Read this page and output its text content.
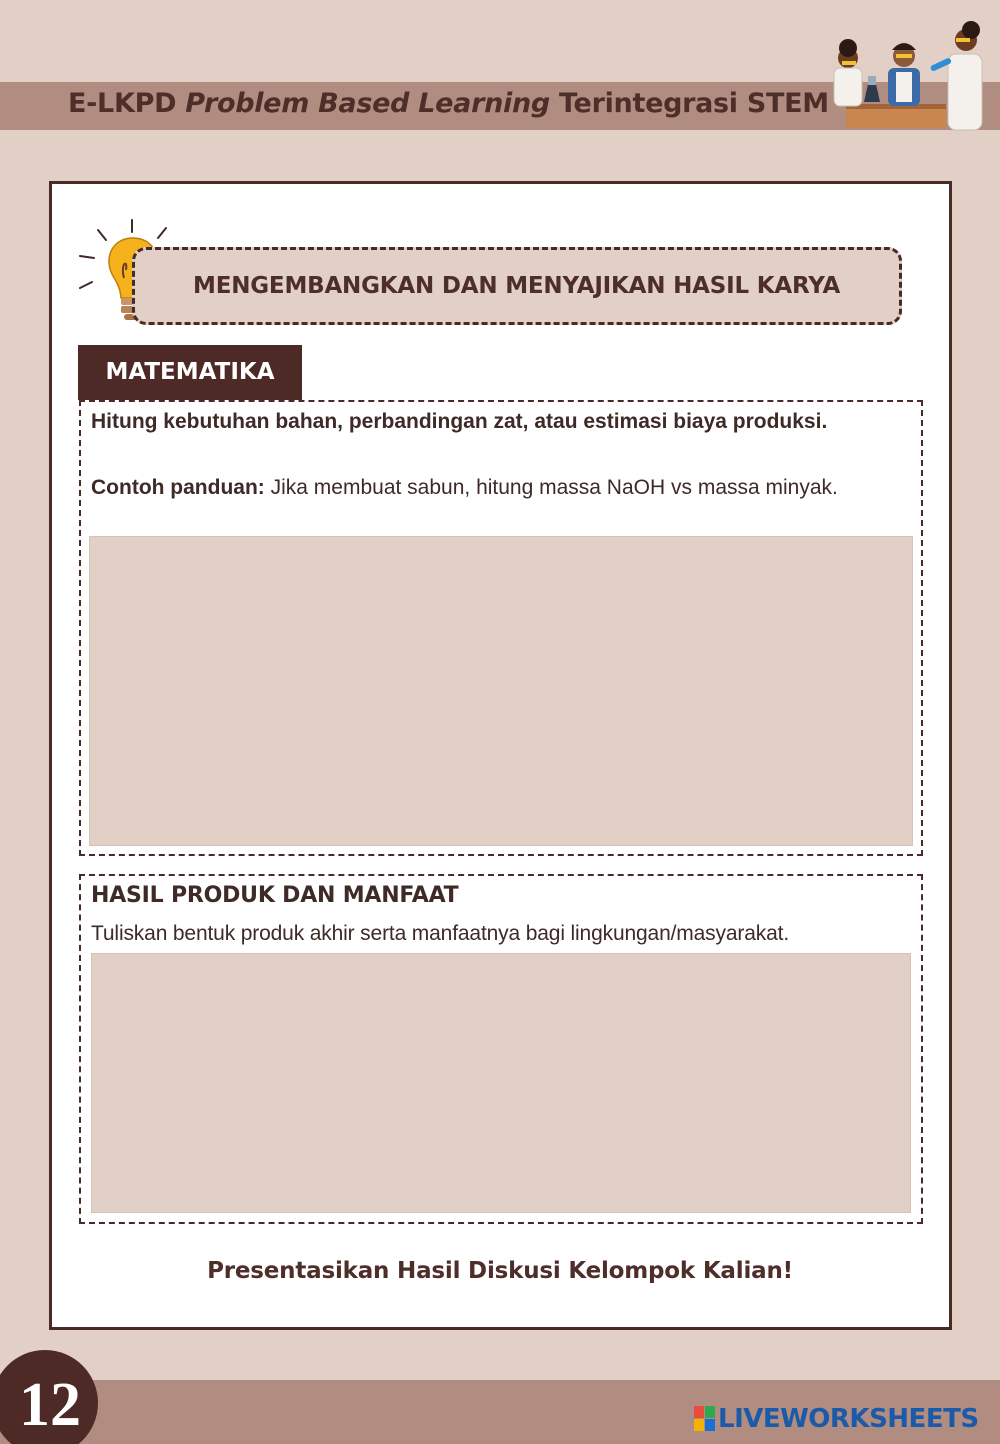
E-LKPD Problem Based Learning Terintegrasi STEM
MENGEMBANGKAN DAN MENYAJIKAN HASIL KARYA
MATEMATIKA
Hitung kebutuhan bahan, perbandingan zat, atau estimasi biaya produksi.
Contoh panduan: Jika membuat sabun, hitung massa NaOH vs massa minyak.
HASIL PRODUK DAN MANFAAT
Tuliskan bentuk produk akhir serta manfaatnya bagi lingkungan/masyarakat.
Presentasikan Hasil Diskusi Kelompok Kalian!
12	LIVEWORKSHEETS
